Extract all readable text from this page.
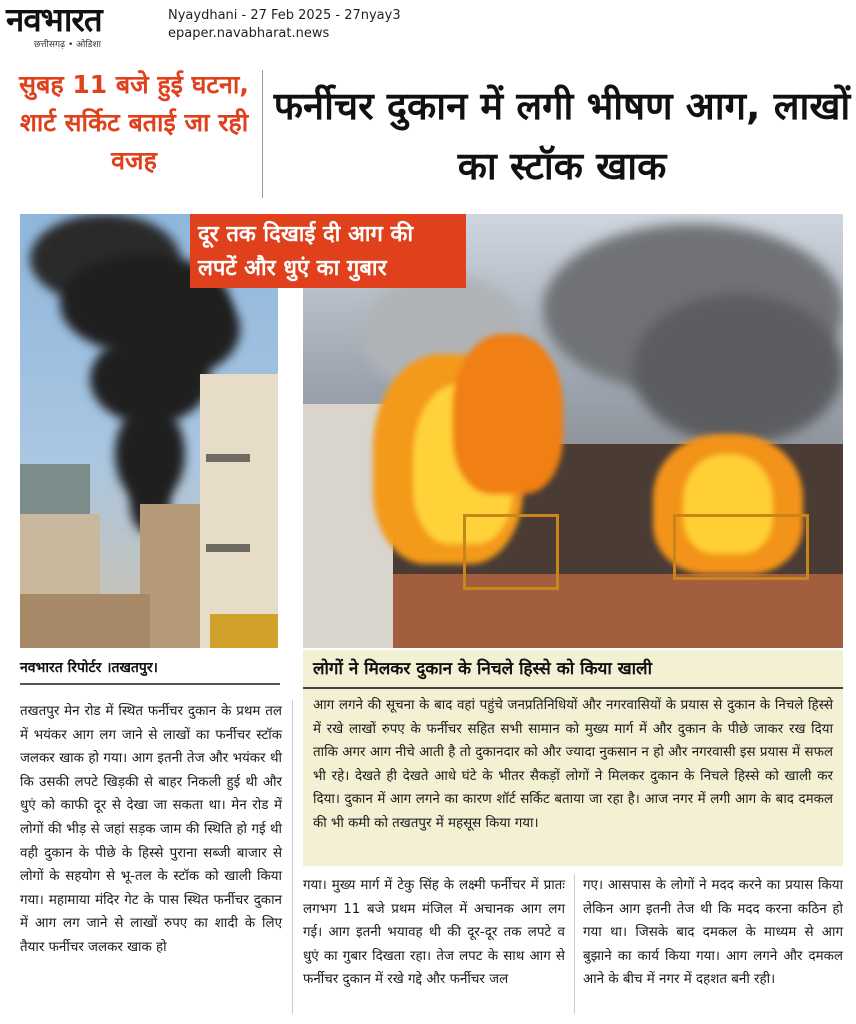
नवभारत
छत्तीसगढ़ • ओडिशा
Nyaydhani - 27 Feb 2025 - 27nyay3
epaper.navabharat.news
सुबह 11 बजे हुई घटना, शार्ट सर्किट बताई जा रही वजह
फर्नीचर दुकान में लगी भीषण आग, लाखों का स्टॉक खाक
दूर तक दिखाई दी आग की लपटें और धुएं का गुबार
नवभारत रिपोर्टर ।तखतपुर।
तखतपुर मेन रोड में स्थित फर्नीचर दुकान के प्रथम तल में भयंकर आग लग जाने से लाखों का फर्नीचर स्टॉक जलकर खाक हो गया। आग इतनी तेज और भयंकर थी कि उसकी लपटे खिड़की से बाहर निकली हुई थी और धुएं को काफी दूर से देखा जा सकता था। मेन रोड में लोगों की भीड़ से जहां सड़क जाम की स्थिति हो गई थी वही दुकान के पीछे के हिस्से पुराना सब्जी बाजार से लोगों के सहयोग से भू-तल के स्टॉक को खाली किया गया। महामाया मंदिर गेट के पास स्थित फर्नीचर दुकान में आग लग जाने से लाखों रुपए का शादी के लिए तैयार फर्नीचर जलकर खाक हो
लोगों ने मिलकर दुकान के निचले हिस्से को किया खाली
आग लगने की सूचना के बाद वहां पहुंचे जनप्रतिनिधियों और नगरवासियों के प्रयास से दुकान के निचले हिस्से में रखे लाखों रुपए के फर्नीचर सहित सभी सामान को मुख्य मार्ग में और दुकान के पीछे जाकर रख दिया ताकि अगर आग नीचे आती है तो दुकानदार को और ज्यादा नुकसान न हो और नगरवासी इस प्रयास में सफल भी रहे। देखते ही देखते आधे घंटे के भीतर सैकड़ों लोगों ने मिलकर दुकान के निचले हिस्से को खाली कर दिया। दुकान में आग लगने का कारण शॉर्ट सर्किट बताया जा रहा है। आज नगर में लगी आग के बाद दमकल की भी कमी को तखतपुर में महसूस किया गया।
गया। मुख्य मार्ग में टेकु सिंह के लक्ष्मी फर्नीचर में प्रातः लगभग 11 बजे प्रथम मंजिल में अचानक आग लग गई। आग इतनी भयावह थी की दूर-दूर तक लपटे व धुएं का गुबार दिखता रहा। तेज लपट के साथ आग से फर्नीचर दुकान में रखे गद्दे और फर्नीचर जल
गए। आसपास के लोगों ने मदद करने का प्रयास किया लेकिन आग इतनी तेज थी कि मदद करना कठिन हो गया था। जिसके बाद दमकल के माध्यम से आग बुझाने का कार्य किया गया। आग लगने और दमकल आने के बीच में नगर में दहशत बनी रही।
